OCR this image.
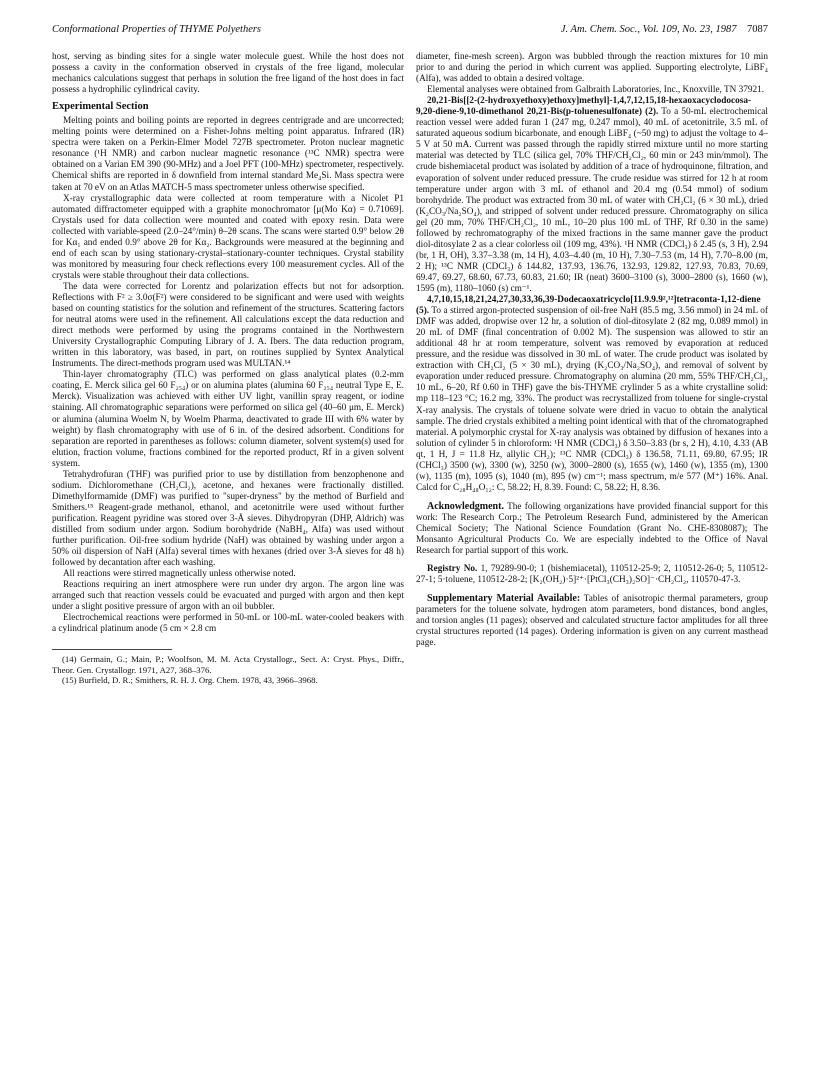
Conformational Properties of THYME Polyethers	J. Am. Chem. Soc., Vol. 109, No. 23, 1987 7087

host, serving as binding sites for a single water molecule guest. While the host does not possess a cavity in the conformation observed in crystals of the free ligand, molecular mechanics calculations suggest that perhaps in solution the free ligand of the host does in fact possess a hydrophilic cylindrical cavity.

Experimental Section

Melting points and boiling points are reported in degrees centrigrade and are uncorrected; melting points were determined on a Fisher-Johns melting point apparatus. Infrared (IR) spectra were taken on a Perkin-Elmer Model 727B spectrometer. Proton nuclear magnetic resonance (¹H NMR) and carbon nuclear magnetic resonance (¹³C NMR) spectra were obtained on a Varian EM 390 (90-MHz) and a Joel PFT (100-MHz) spectrometer, respectively. Chemical shifts are reported in δ downfield from internal standard Me₄Si. Mass spectra were taken at 70 eV on an Atlas MATCH-5 mass spectrometer unless otherwise specified.

X-ray crystallographic data were collected at room temperature with a Nicolet P1 automated diffractometer equipped with a graphite monochromator [μ(Mo Kα) = 0.71069]. Crystals used for data collection were mounted and coated with epoxy resin. Data were collected with variable-speed (2.0–24°/min) θ–2θ scans. The scans were started 0.9° below 2θ for Kα₁ and ended 0.9° above 2θ for Kα₂. Backgrounds were measured at the beginning and end of each scan by using stationary-crystal–stationary-counter techniques. Crystal stability was monitored by measuring four check reflections every 100 measurement cycles. All of the crystals were stable throughout their data collections.

The data were corrected for Lorentz and polarization effects but not for adsorption. Reflections with F² ≥ 3.0σ(F²) were considered to be significant and were used with weights based on counting statistics for the solution and refinement of the structures. Scattering factors for neutral atoms were used in the refinement. All calculations except the data reduction and direct methods were performed by using the programs contained in the Northwestern University Crystallographic Computing Library of J. A. Ibers. The data reduction program, written in this laboratory, was based, in part, on routines supplied by Syntex Analytical Instruments. The direct-methods program used was MULTAN.¹⁴

Thin-layer chromatography (TLC) was performed on glass analytical plates (0.2-mm coating, E. Merck silica gel 60 F₂₅₄) or on alumina plates (alumina 60 F₂₅₄ neutral Type E, E. Merck). Visualization was achieved with either UV light, vanillin spray reagent, or iodine staining. All chromatographic separations were performed on silica gel (40–60 μm, E. Merck) or alumina (alumina Woelm N, by Woelm Pharma, deactivated to grade III with 6% water by weight) by flash chromatography with use of 6 in. of the desired adsorbent. Conditions for separation are reported in parentheses as follows: column diameter, solvent system(s) used for elution, fraction volume, fractions combined for the reported product, Rf in a given solvent system.

Tetrahydrofuran (THF) was purified prior to use by distillation from benzophenone and sodium. Dichloromethane (CH₂Cl₂), acetone, and hexanes were fractionally distilled. Dimethylformamide (DMF) was purified to "super-dryness" by the method of Burfield and Smithers.¹⁵ Reagent-grade methanol, ethanol, and acetonitrile were used without further purification. Reagent pyridine was stored over 3-Å sieves. Dihydropyran (DHP, Aldrich) was distilled from sodium under argon. Sodium borohydride (NaBH₄, Alfa) was used without further purification. Oil-free sodium hydride (NaH) was obtained by washing under argon a 50% oil dispersion of NaH (Alfa) several times with hexanes (dried over 3-Å sieves for 48 h) followed by decantation after each washing.

All reactions were stirred magnetically unless otherwise noted.

Reactions requiring an inert atmosphere were run under dry argon. The argon line was arranged such that reaction vessels could be evacuated and purged with argon and then kept under a slight positive pressure of argon with an oil bubbler.

Electrochemical reactions were performed in 50-mL or 100-mL water-cooled beakers with a cylindrical platinum anode (5 cm × 2.8 cm

(14) Germain, G.; Main, P.; Woolfson, M. M. Acta Crystallogr., Sect. A: Cryst. Phys., Diffr., Theor. Gen. Crystallogr. 1971, A27, 368–376.

(15) Burfield, D. R.; Smithers, R. H. J. Org. Chem. 1978, 43, 3966–3968.

diameter, fine-mesh screen). Argon was bubbled through the reaction mixtures for 10 min prior to and during the period in which current was applied. Supporting electrolyte, LiBF₄ (Alfa), was added to obtain a desired voltage.

Elemental analyses were obtained from Galbraith Laboratories, Inc., Knoxville, TN 37921.

20,21-Bis[[2-(2-hydroxyethoxy)ethoxy]methyl]-1,4,7,12,15,18-hexaoxacyclodocosa-9,20-diene-9,10-dimethanol 20,21-Bis(p-toluenesulfonate) (2). To a 50-mL electrochemical reaction vessel were added furan 1 (247 mg, 0.247 mmol), 40 mL of acetonitrile, 3.5 mL of saturated aqueous sodium bicarbonate, and enough LiBF₄ (~50 mg) to adjust the voltage to 4–5 V at 50 mA. Current was passed through the rapidly stirred mixture until no more starting material was detected by TLC (silica gel, 70% THF/CH₂Cl₂, 60 min or 243 min/mmol). The crude bishemiacetal product was isolated by addition of a trace of hydroquinone, filtration, and evaporation of solvent under reduced pressure. The crude residue was stirred for 12 h at room temperature under argon with 3 mL of ethanol and 20.4 mg (0.54 mmol) of sodium borohydride. The product was extracted from 30 mL of water with CH₂Cl₂ (6 × 30 mL), dried (K₂CO₃/Na₂SO₄), and stripped of solvent under reduced pressure. Chromatography on silica gel (20 mm, 70% THF/CH₂Cl₂, 10 mL, 10–20 plus 100 mL of THF, Rf 0.30 in the same) followed by rechromatography of the mixed fractions in the same manner gave the product diol-ditosylate 2 as a clear colorless oil (109 mg, 43%). ¹H NMR (CDCl₃) δ 2.45 (s, 3 H), 2.94 (br, 1 H, OH), 3.37–3.38 (m, 14 H), 4.03–4.40 (m, 10 H), 7.30–7.53 (m, 14 H), 7.70–8.00 (m, 2 H); ¹³C NMR (CDCl₃) δ 144.82, 137.93, 136.76, 132.93, 129.82, 127.93, 70.83, 70.69, 69.47, 69.27, 68.60, 67.73, 60.83, 21.60; IR (neat) 3600–3100 (s), 3000–2800 (s), 1660 (w), 1595 (m), 1180–1060 (s) cm⁻¹.

4,7,10,15,18,21,24,27,30,33,36,39-Dodecaoxatricyclo[11.9.9.9²,¹²]tetraconta-1,12-diene (5). To a stirred argon-protected suspension of oil-free NaH (85.5 mg, 3.56 mmol) in 24 mL of DMF was added, dropwise over 12 hr, a solution of diol-ditosylate 2 (82 mg, 0.089 mmol) in 20 mL of DMF (final concentration of 0.002 M). The suspension was allowed to stir an additional 48 hr at room temperature, solvent was removed by evaporation at reduced pressure, and the residue was dissolved in 30 mL of water. The crude product was isolated by extraction with CH₂Cl₂ (5 × 30 mL), drying (K₂CO₃/Na₂SO₄), and removal of solvent by evaporation under reduced pressure. Chromatography on alumina (20 mm, 55% THF/CH₂Cl₂, 10 mL, 6–20, Rf 0.60 in THF) gave the bis-THYME crylinder 5 as a white crystalline solid: mp 118–123 °C; 16.2 mg, 33%. The product was recrystallized from toluene for single-crystal X-ray analysis. The crystals of toluene solvate were dried in vacuo to obtain the analytical sample. The dried crystals exhibited a melting point identical with that of the chromatographed material. A polymorphic crystal for X-ray analysis was obtained by diffusion of hexanes into a solution of cylinder 5 in chloroform: ¹H NMR (CDCl₃) δ 3.50–3.83 (br s, 2 H), 4.10, 4.33 (AB qt, 1 H, J = 11.8 Hz, allylic CH₂); ¹³C NMR (CDCl₃) δ 136.58, 71.11, 69.80, 67.95; IR (CHCl₃) 3500 (w), 3300 (w), 3250 (w), 3000–2800 (s), 1655 (w), 1460 (w), 1355 (m), 1300 (w), 1135 (m), 1095 (s), 1040 (m), 895 (w) cm⁻¹; mass spectrum, m/e 577 (M⁺) 16%. Anal. Calcd for C₂₈H₄₈O₁₂: C, 58.22; H, 8.39. Found: C, 58.22; H, 8.36.

Acknowledgment. The following organizations have provided financial support for this work: The Research Corp.; The Petroleum Research Fund, administered by the American Chemical Society; The National Science Foundation (Grant No. CHE-8308087); The Monsanto Agricultural Products Co. We are especially indebted to the Office of Naval Research for partial support of this work.

Registry No. 1, 79289-90-0; 1 (bishemiacetal), 110512-25-9; 2, 110512-26-0; 5, 110512-27-1; 5·toluene, 110512-28-2; [K₂(OH₂)·5]²⁺·[PtCl₃(CH₃)₂SO]⁻·CH₂Cl₂, 110570-47-3.

Supplementary Material Available: Tables of anisotropic thermal parameters, group parameters for the toluene solvate, hydrogen atom parameters, bond distances, bond angles, and torsion angles (11 pages); observed and calculated structure factor amplitudes for all three crystal structures reported (14 pages). Ordering information is given on any current masthead page.
